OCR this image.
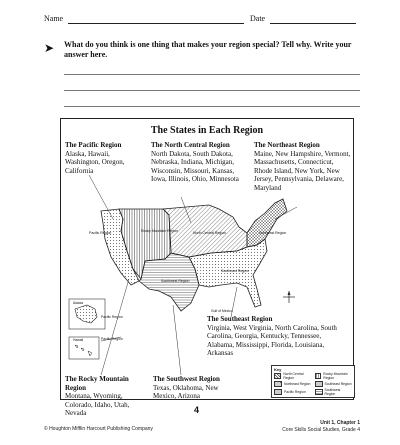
Name	Date
➤ What do you think is one thing that makes your region special? Tell why. Write your answer here.
The States in Each Region
The Pacific Region
Alaska, Hawaii, Washington, Oregon, California
The North Central Region
North Dakota, South Dakota, Nebraska, Indiana, Michigan, Wisconsin, Missouri, Kansas, Iowa, Illinois, Ohio, Minnesota
The Northeast Region
Maine, New Hampshire, Vermont, Massachusetts, Connecticut, Rhode Island, New York, New Jersey, Pennsylvania, Delaware, Maryland
The Southeast Region
Virginia, West Virginia, North Carolina, South Carolina, Georgia, Kentucky, Tennessee, Alabama, Mississippi, Florida, Louisiana, Arkansas
The Rocky Mountain Region
Montana, Wyoming, Colorado, Idaho, Utah, Nevada
The Southwest Region
Texas, Oklahoma, New Mexico, Arizona
Pacific Region	Rocky Mountain Region	North Central Region	Northeast Region
Southwest Region
Southeast Region
Alaska
Pacific Region
Hawaii	Pacific Region
Gulf of Mexico
Key
North Central Region
Rocky Mountain Region
Northeast Region	Southeast Region
Pacific Region	Southwest Region
4
© Houghton Mifflin Harcourt Publishing Company
Unit 1, Chapter 1
Core Skills Social Studies, Grade 4
